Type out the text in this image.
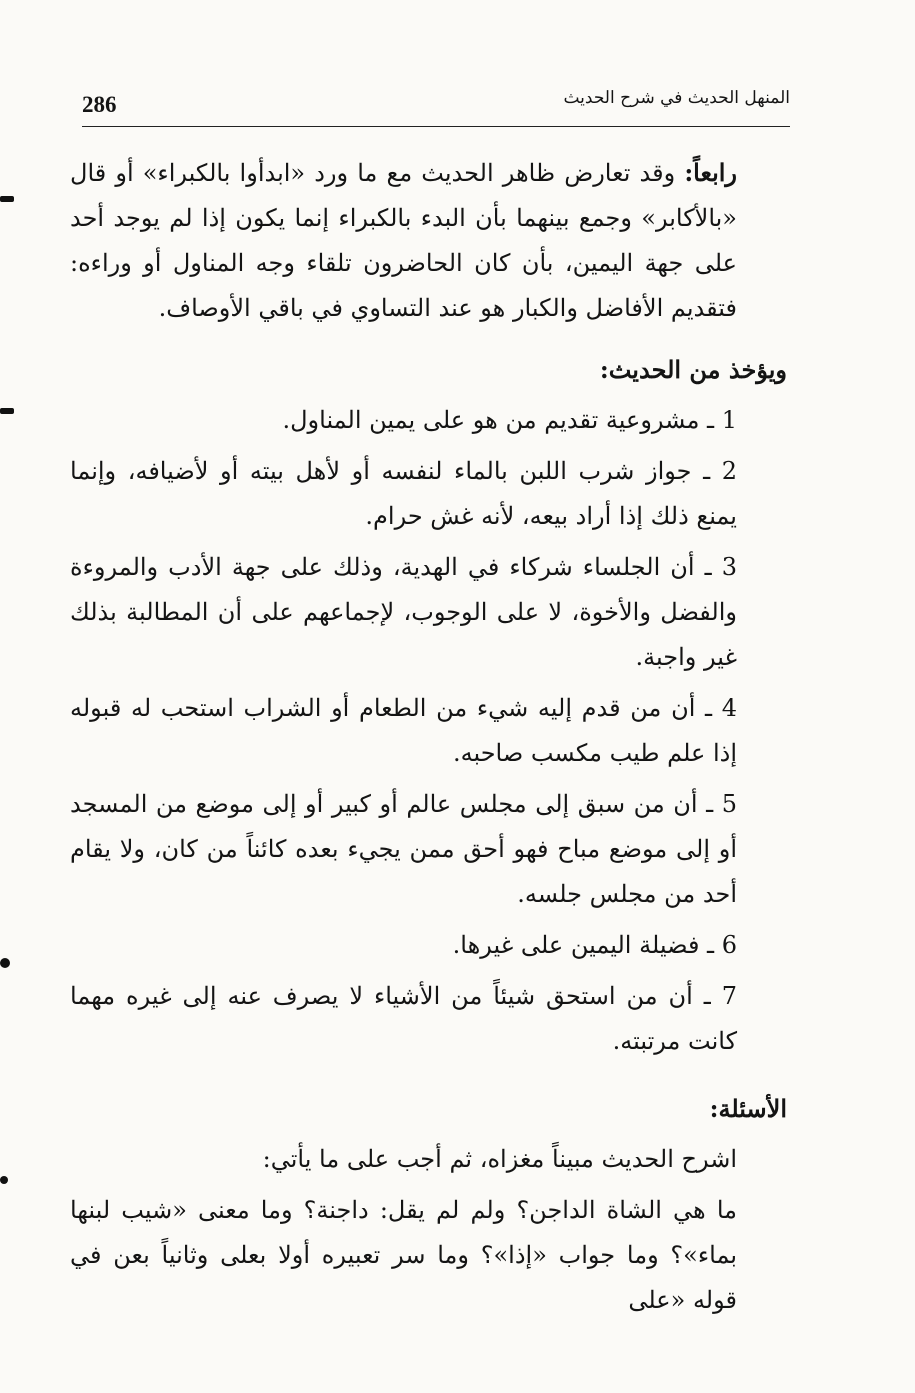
286	المنهل الحديث في شرح الحديث

رابعاً: وقد تعارض ظاهر الحديث مع ما ورد «ابدأوا بالكبراء» أو قال «بالأكابر» وجمع بينهما بأن البدء بالكبراء إنما يكون إذا لم يوجد أحد على جهة اليمين، بأن كان الحاضرون تلقاء وجه المناول أو وراءه: فتقديم الأفاضل والكبار هو عند التساوي في باقي الأوصاف.

ويؤخذ من الحديث:
1 ـ مشروعية تقديم من هو على يمين المناول.
2 ـ جواز شرب اللبن بالماء لنفسه أو لأهل بيته أو لأضيافه، وإنما يمنع ذلك إذا أراد بيعه، لأنه غش حرام.
3 ـ أن الجلساء شركاء في الهدية، وذلك على جهة الأدب والمروءة والفضل والأخوة، لا على الوجوب، لإجماعهم على أن المطالبة بذلك غير واجبة.
4 ـ أن من قدم إليه شيء من الطعام أو الشراب استحب له قبوله إذا علم طيب مكسب صاحبه.
5 ـ أن من سبق إلى مجلس عالم أو كبير أو إلى موضع من المسجد أو إلى موضع مباح فهو أحق ممن يجيء بعده كائناً من كان، ولا يقام أحد من مجلس جلسه.
6 ـ فضيلة اليمين على غيرها.
7 ـ أن من استحق شيئاً من الأشياء لا يصرف عنه إلى غيره مهما كانت مرتبته.
الأسئلة:
اشرح الحديث مبيناً مغزاه، ثم أجب على ما يأتي:
ما هي الشاة الداجن؟ ولم لم يقل: داجنة؟ وما معنى «شيب لبنها بماء»؟ وما جواب «إذا»؟ وما سر تعبيره أولا بعلى وثانياً بعن في قوله «على
